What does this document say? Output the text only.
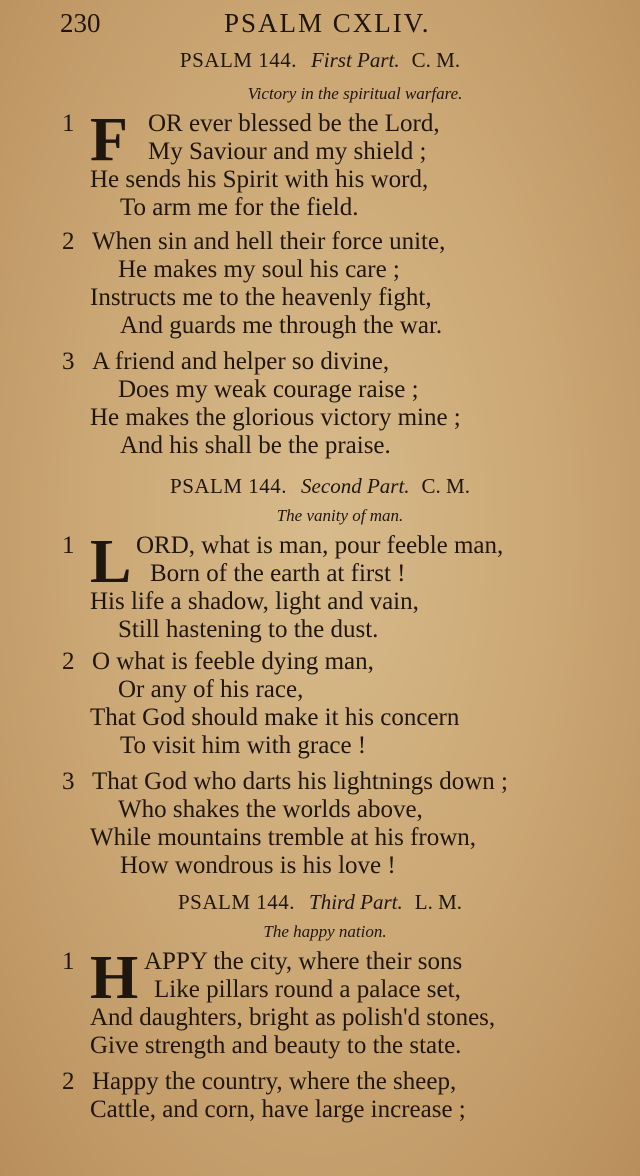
230	PSALM CXLIV.
PSALM 144. First Part. C. M.
Victory in the spiritual warfare.
1 F OR ever blessed be the Lord,
My Saviour and my shield ;
He sends his Spirit with his word,
To arm me for the field.
2 When sin and hell their force unite,
He makes my soul his care ;
Instructs me to the heavenly fight,
And guards me through the war.
3 A friend and helper so divine,
Does my weak courage raise ;
He makes the glorious victory mine ;
And his shall be the praise.
PSALM 144. Second Part. C. M.
The vanity of man.
1 L ORD, what is man, pour feeble man,
Born of the earth at first !
His life a shadow, light and vain,
Still hastening to the dust.
2 O what is feeble dying man,
Or any of his race,
That God should make it his concern
To visit him with grace !
3 That God who darts his lightnings down ;
Who shakes the worlds above,
While mountains tremble at his frown,
How wondrous is his love !
PSALM 144. Third Part. L. M.
The happy nation.
1 H APPY the city, where their sons
Like pillars round a palace set,
And daughters, bright as polish'd stones,
Give strength and beauty to the state.
2 Happy the country, where the sheep,
Cattle, and corn, have large increase ;
